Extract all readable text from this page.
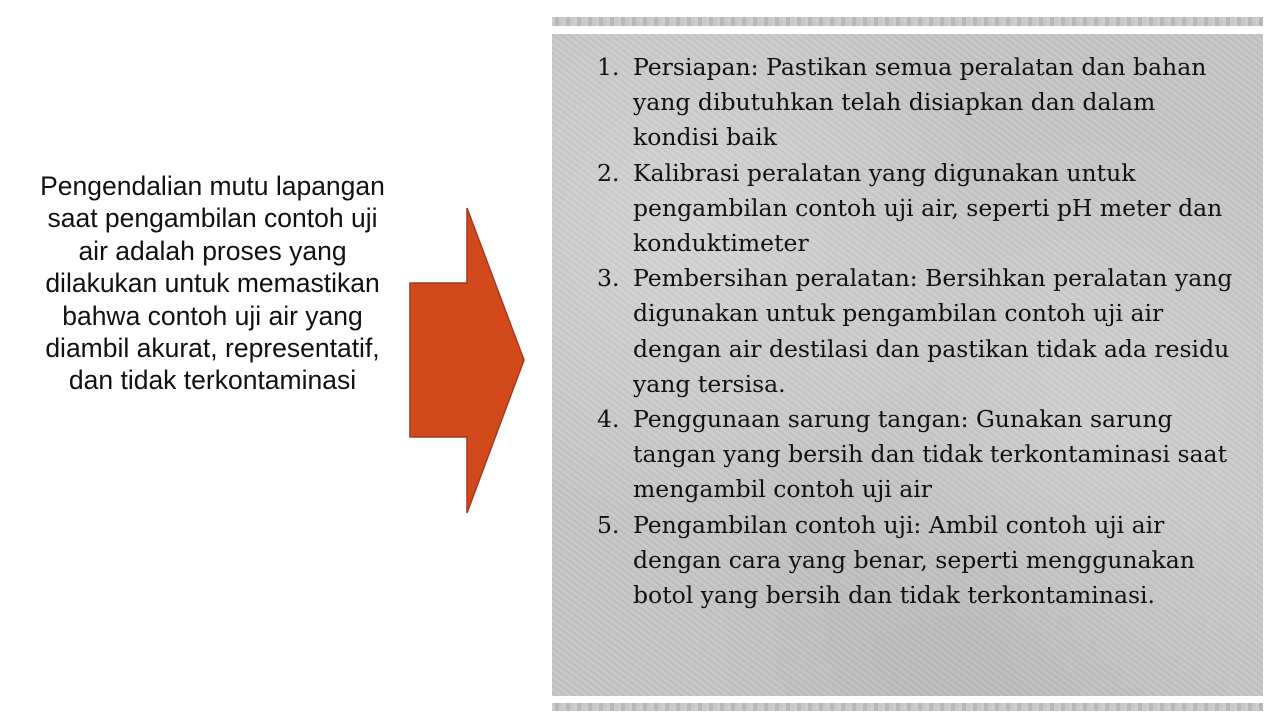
Pengendalian mutu lapangan saat pengambilan contoh uji air adalah proses yang dilakukan untuk memastikan bahwa contoh uji air yang diambil akurat, representatif, dan tidak terkontaminasi
1. Persiapan: Pastikan semua peralatan dan bahan yang dibutuhkan telah disiapkan dan dalam kondisi baik
2. Kalibrasi peralatan yang digunakan untuk pengambilan contoh uji air, seperti pH meter dan konduktimeter
3. Pembersihan peralatan: Bersihkan peralatan yang digunakan untuk pengambilan contoh uji air dengan air destilasi dan pastikan tidak ada residu yang tersisa.
4. Penggunaan sarung tangan: Gunakan sarung tangan yang bersih dan tidak terkontaminasi saat mengambil contoh uji air
5. Pengambilan contoh uji: Ambil contoh uji air dengan cara yang benar, seperti menggunakan botol yang bersih dan tidak terkontaminasi.
